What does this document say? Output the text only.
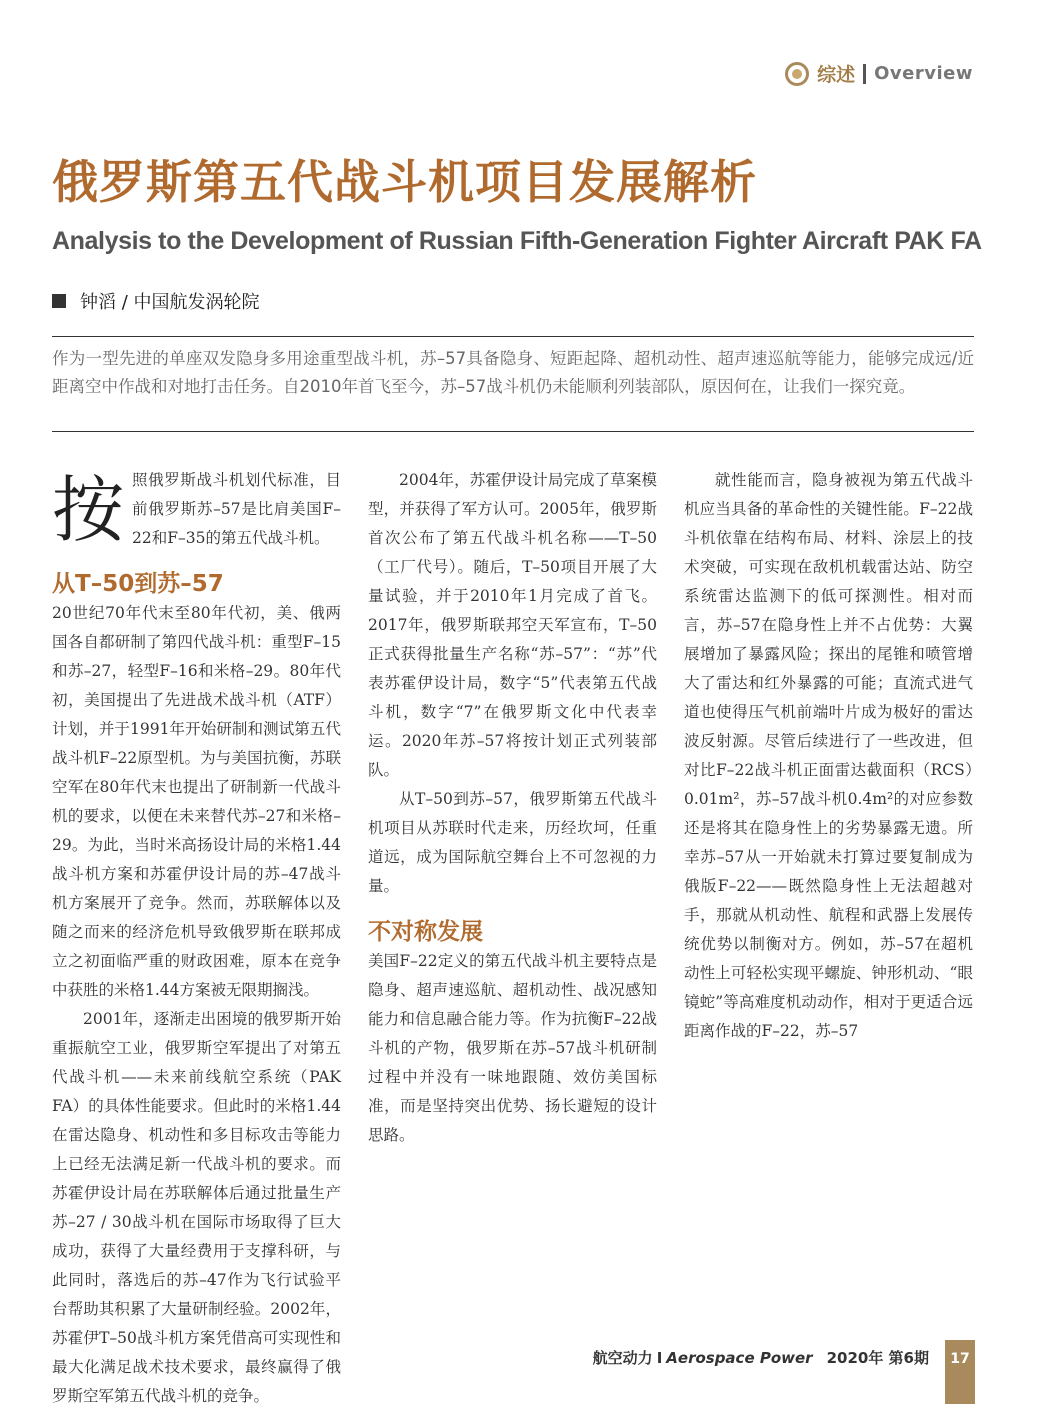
综述 Overview
俄罗斯第五代战斗机项目发展解析
Analysis to the Development of Russian Fifth-Generation Fighter Aircraft PAK FA
钟滔 / 中国航发涡轮院
作为一型先进的单座双发隐身多用途重型战斗机，苏–57具备隐身、短距起降、超机动性、超声速巡航等能力，能够完成远/近距离空中作战和对地打击任务。自2010年首飞至今，苏–57战斗机仍未能顺利列装部队，原因何在，让我们一探究竟。
按 照俄罗斯战斗机划代标准，目前俄罗斯苏–57是比肩美国F–22和F–35的第五代战斗机。

从T–50到苏–57

20世纪70年代末至80年代初，美、俄两国各自都研制了第四代战斗机：重型F–15和苏–27，轻型F–16和米格–29。80年代初，美国提出了先进战术战斗机（ATF）计划，并于1991年开始研制和测试第五代战斗机F–22原型机。为与美国抗衡，苏联空军在80年代末也提出了研制新一代战斗机的要求，以便在未来替代苏–27和米格–29。为此，当时米高扬设计局的米格1.44战斗机方案和苏霍伊设计局的苏–47战斗机方案展开了竞争。然而，苏联解体以及随之而来的经济危机导致俄罗斯在联邦成立之初面临严重的财政困难，原本在竞争中获胜的米格1.44方案被无限期搁浅。

2001年，逐渐走出困境的俄罗斯开始重振航空工业，俄罗斯空军提出了对第五代战斗机——未来前线航空系统（PAK FA）的具体性能要求。但此时的米格1.44在雷达隐身、机动性和多目标攻击等能力上已经无法满足新一代战斗机的要求。而苏霍伊设计局在苏联解体后通过批量生产苏–27 / 30战斗机在国际市场取得了巨大成功，获得了大量经费用于支撑科研，与此同时，落选后的苏–47作为飞行试验平台帮助其积累了大量研制经验。2002年，苏霍伊T–50战斗机方案凭借高可实现性和最大化满足战术技术要求，最终赢得了俄罗斯空军第五代战斗机的竞争。

2004年，苏霍伊设计局完成了草案模型，并获得了军方认可。2005年，俄罗斯首次公布了第五代战斗机名称——T–50（工厂代号）。随后，T–50项目开展了大量试验，并于2010年1月完成了首飞。2017年，俄罗斯联邦空天军宣布，T–50正式获得批量生产名称“苏–57”：“苏”代表苏霍伊设计局，数字“5”代表第五代战斗机，数字“7”在俄罗斯文化中代表幸运。2020年苏–57将按计划正式列装部队。

从T–50到苏–57，俄罗斯第五代战斗机项目从苏联时代走来，历经坎坷，任重道远，成为国际航空舞台上不可忽视的力量。

不对称发展

美国F–22定义的第五代战斗机主要特点是隐身、超声速巡航、超机动性、战况感知能力和信息融合能力等。作为抗衡F–22战斗机的产物，俄罗斯在苏–57战斗机研制过程中并没有一味地跟随、效仿美国标准，而是坚持突出优势、扬长避短的设计思路。

就性能而言，隐身被视为第五代战斗机应当具备的革命性的关键性能。F–22战斗机依靠在结构布局、材料、涂层上的技术突破，可实现在敌机机载雷达站、防空系统雷达监测下的低可探测性。相对而言，苏–57在隐身性上并不占优势：大翼展增加了暴露风险；探出的尾锥和喷管增大了雷达和红外暴露的可能；直流式进气道也使得压气机前端叶片成为极好的雷达波反射源。尽管后续进行了一些改进，但对比F–22战斗机正面雷达截面积（RCS）0.01m²，苏–57战斗机0.4m²的对应参数还是将其在隐身性上的劣势暴露无遗。所幸苏–57从一开始就未打算过要复制成为俄版F–22——既然隐身性上无法超越对手，那就从机动性、航程和武器上发展传统优势以制衡对方。例如，苏–57在超机动性上可轻松实现平螺旋、钟形机动、“眼镜蛇”等高难度机动动作，相对于更适合远距离作战的F–22，苏–57

航空动力 I Aerospace Power 2020年 第6期	17
